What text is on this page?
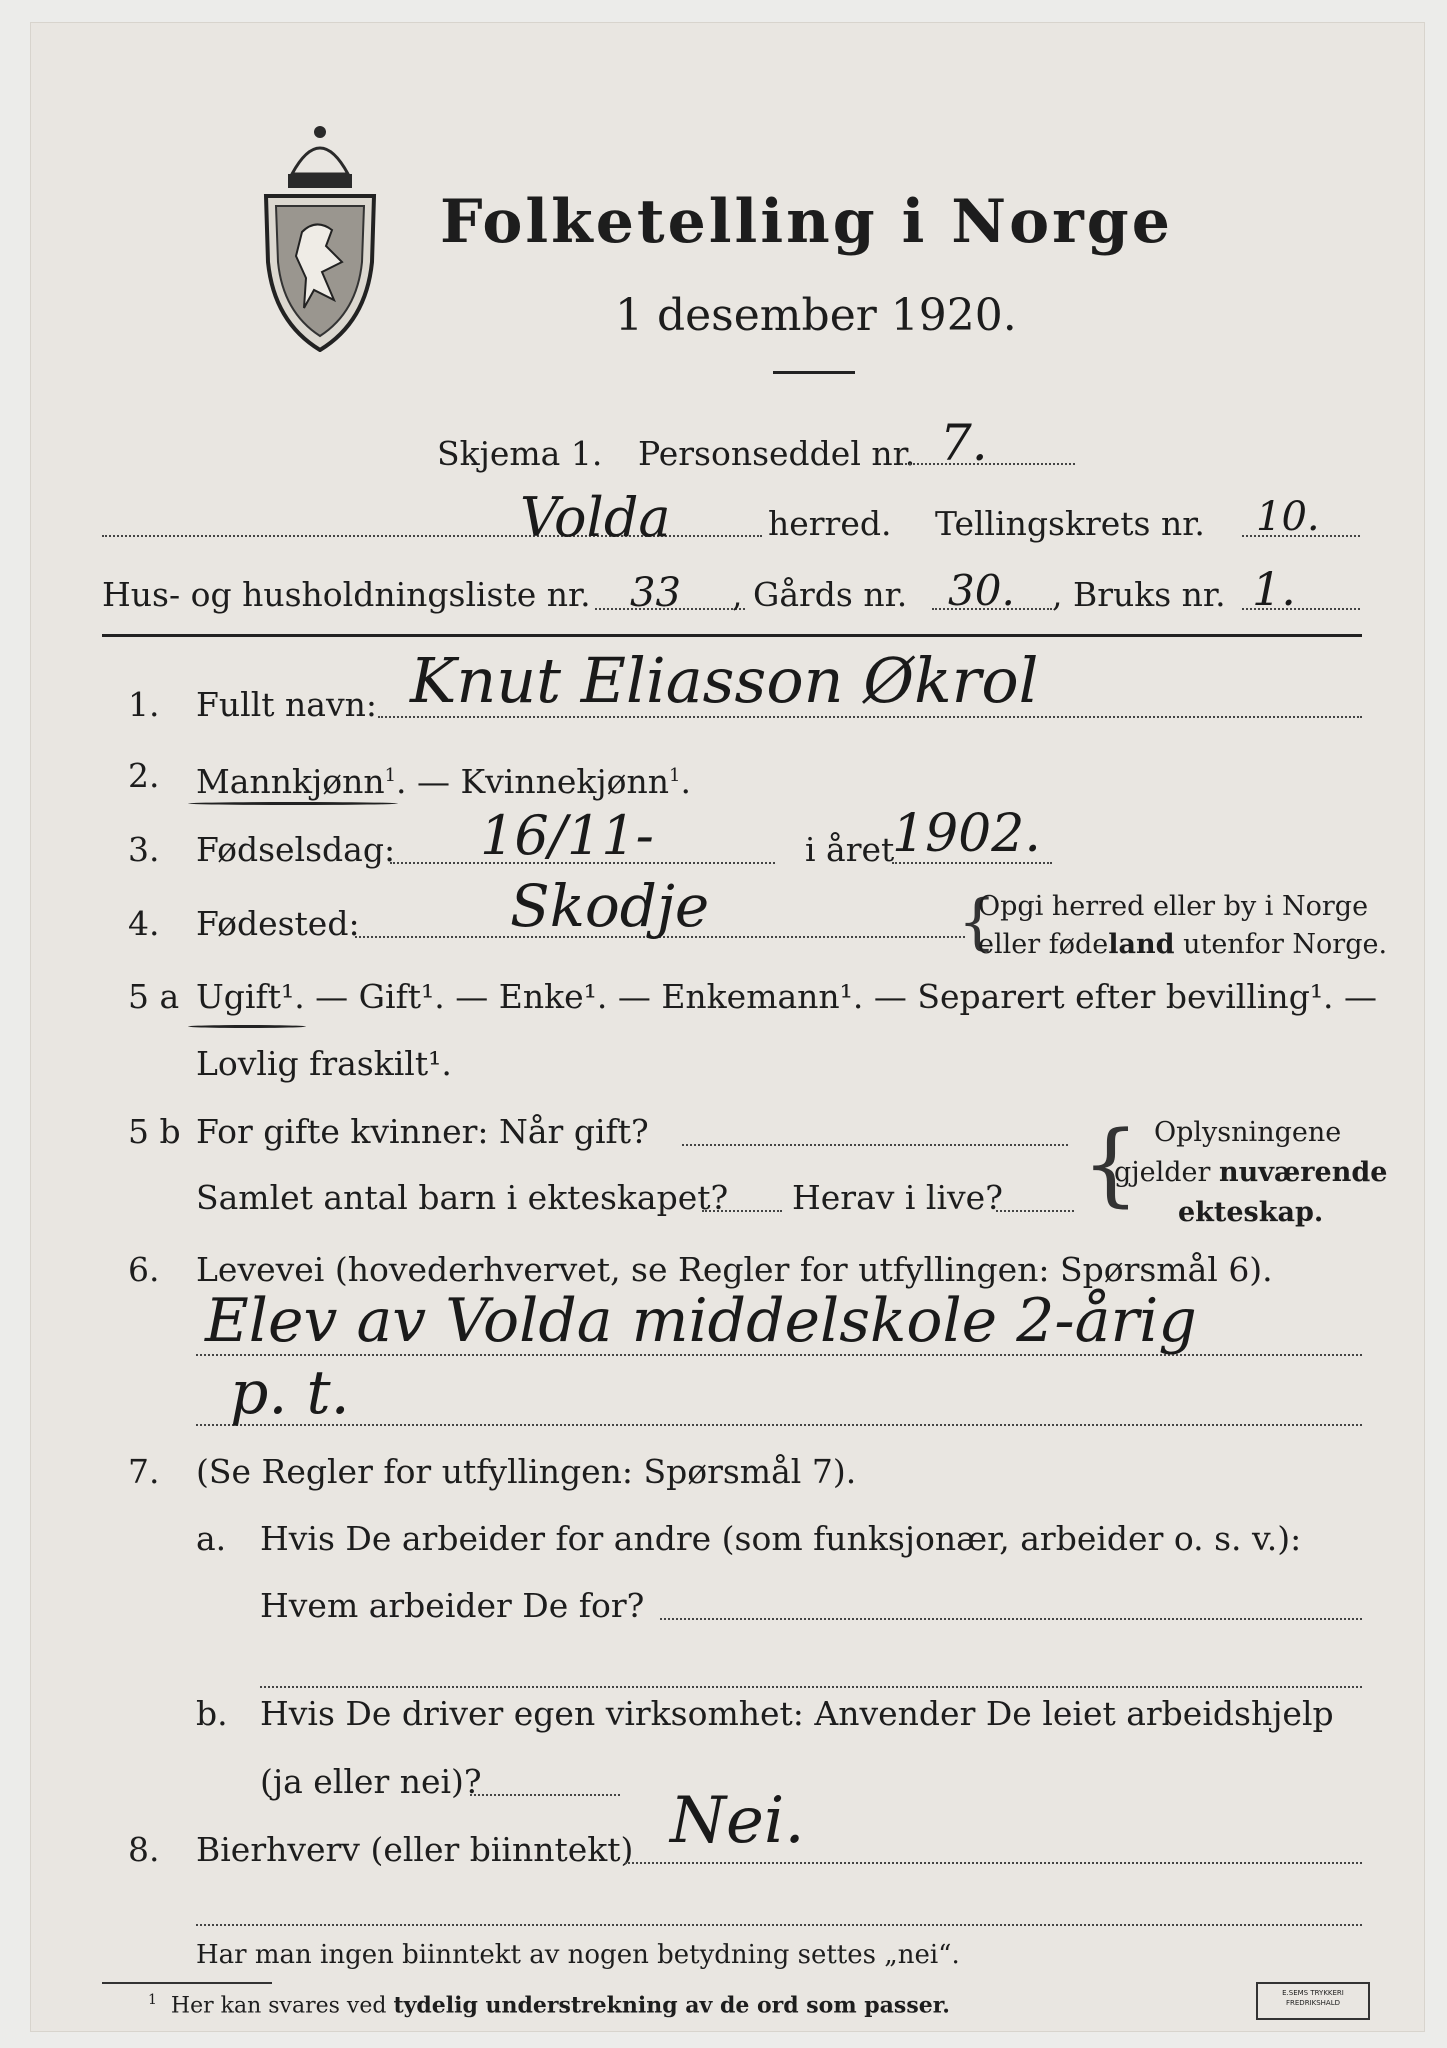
Folketelling i Norge
1 desember 1920.
Skjema 1. Personseddel nr. 7.
Volda	herred. Tellingskrets nr. 10.
Hus- og husholdningsliste nr. 33 , Gårds nr. 30. , Bruks nr. 1.
1. Fullt navn: Knut Eliasson Økrol
2. Mannkjønn$^1$. — Kvinnekjønn$^1$.
3. Fødselsdag: 16/11-	i året
1902.
4. Fødested:	Skodje	{
Opgi herred eller by i Norge
eller fødeland utenfor Norge.
5 a Ugift¹. — Gift¹. — Enke¹. — Enkemann¹. — Separert efter bevilling¹. —
Lovlig fraskilt¹.
5 b For gifte kvinner: Når gift?
Samlet antal barn i ekteskapet? Herav i live? { Oplysningene
gjelder nuværende
ekteskap.
6. Levevei (hovederhvervet, se Regler for utfyllingen: Spørsmål 6).
Elev av Volda middelskole 2-årig
p. t.
7. (Se Regler for utfyllingen: Spørsmål 7).
a. Hvis De arbeider for andre (som funksjonær, arbeider o. s. v.):
Hvem arbeider De for?
b. Hvis De driver egen virksomhet: Anvender De leiet arbeidshjelp
(ja eller nei)?
8. Bierhverv (eller biinntekt) Nei.
Har man ingen biinntekt av nogen betydning settes „nei“.
$^1$ Her kan svares ved tydelig understrekning av de ord som passer.	E.SEMS TRYKKERI
FREDRIKSHALD
